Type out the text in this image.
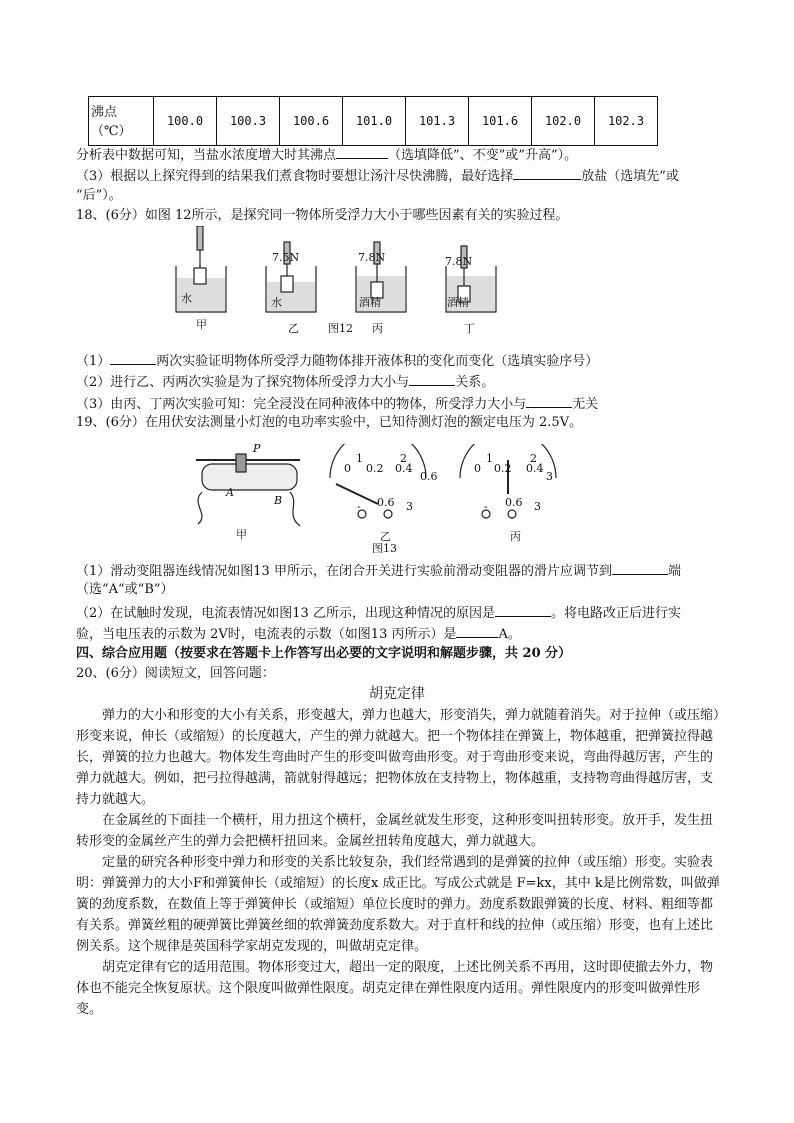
沸点（℃）	100.0	100.3	100.6	101.0	101.3	101.6	102.0	102.3
分析表中数据可知，当盐水浓度增大时其沸点	（选填降低”、不变”或”升高”）。
（3）根据以上探究得到的结果我们煮食物时要想让汤汁尽快沸腾，最好选择	放盐（选填先”或
“后”）。
18、(6分）如图 12所示，是探究同一物体所受浮力大小于哪些因素有关的实验过程。
7.5N	7.8N	7.8N
水	水	酒精	酒精
甲	乙	丙	丁
图12
（1）	两次实验证明物体所受浮力随物体排开液体积的变化而变化（选填实验序号）
（2）进行乙、丙两次实验是为了探究物体所受浮力大小与	关系。
（3）由丙、丁两次实验可知：完全浸没在同种液体中的物体，所受浮力大小与	无关
19、(6分）在用伏安法测量小灯泡的电功率实验中，已知待测灯泡的额定电压为 2.5V。
P
A
B
0
1
0.2
2
0.4
0.6
- 0.6 3
0
1
0.2
2
0.4
3
- 0.6 3
甲	乙
图13
丙
（1）滑动变阻器连线情况如图13 甲所示，在闭合开关进行实验前滑动变阻器的滑片应调节到	端
（选“A“或“B”）
（2）在试触时发现，电流表情况如图13 乙所示，出现这种情况的原因是	。将电路改正后进行实
验，当电压表的示数为 2V时，电流表的示数（如图13 丙所示）是	A。
四、综合应用题（按要求在答题卡上作答写出必要的文字说明和解题步骤，共 20 分）
20、(6分）阅读短文，回答问题：
胡克定律
弹力的大小和形变的大小有关系，形变越大，弹力也越大，形变消失，弹力就随着消失。对于拉伸（或压缩）形变来说，伸长（或缩短）的长度越大，产生的弹力就越大。把一个物体挂在弹簧上，物体越重，把弹簧拉得越长，弹簧的拉力也越大。物体发生弯曲时产生的形变叫做弯曲形变。对于弯曲形变来说，弯曲得越厉害，产生的弹力就越大。例如，把弓拉得越满，箭就射得越远；把物体放在支持物上，物体越重，支持物弯曲得越厉害，支持力就越大。
在金属丝的下面挂一个横杆，用力扭这个横杆，金属丝就发生形变，这种形变叫扭转形变。放开手，发生扭转形变的金属丝产生的弹力会把横杆扭回来。金属丝扭转角度越大，弹力就越大。
定量的研究各种形变中弹力和形变的关系比较复杂，我们经常遇到的是弹簧的拉伸（或压缩）形变。实验表明：弹簧弹力的大小F和弹簧伸长（或缩短）的长度x 成正比。写成公式就是 F=kx，其中 k是比例常数，叫做弹簧的劲度系数，在数值上等于弹簧伸长（或缩短）单位长度时的弹力。劲度系数跟弹簧的长度、材料、粗细等都有关系。弹簧丝粗的硬弹簧比弹簧丝细的软弹簧劲度系数大。对于直杆和线的拉伸（或压缩）形变，也有上述比例关系。这个规律是英国科学家胡克发现的，叫做胡克定律。
胡克定律有它的适用范围。物体形变过大，超出一定的限度，上述比例关系不再用，这时即使撤去外力，物体也不能完全恢复原状。这个限度叫做弹性限度。胡克定律在弹性限度内适用。弹性限度内的形变叫做弹性形变。
